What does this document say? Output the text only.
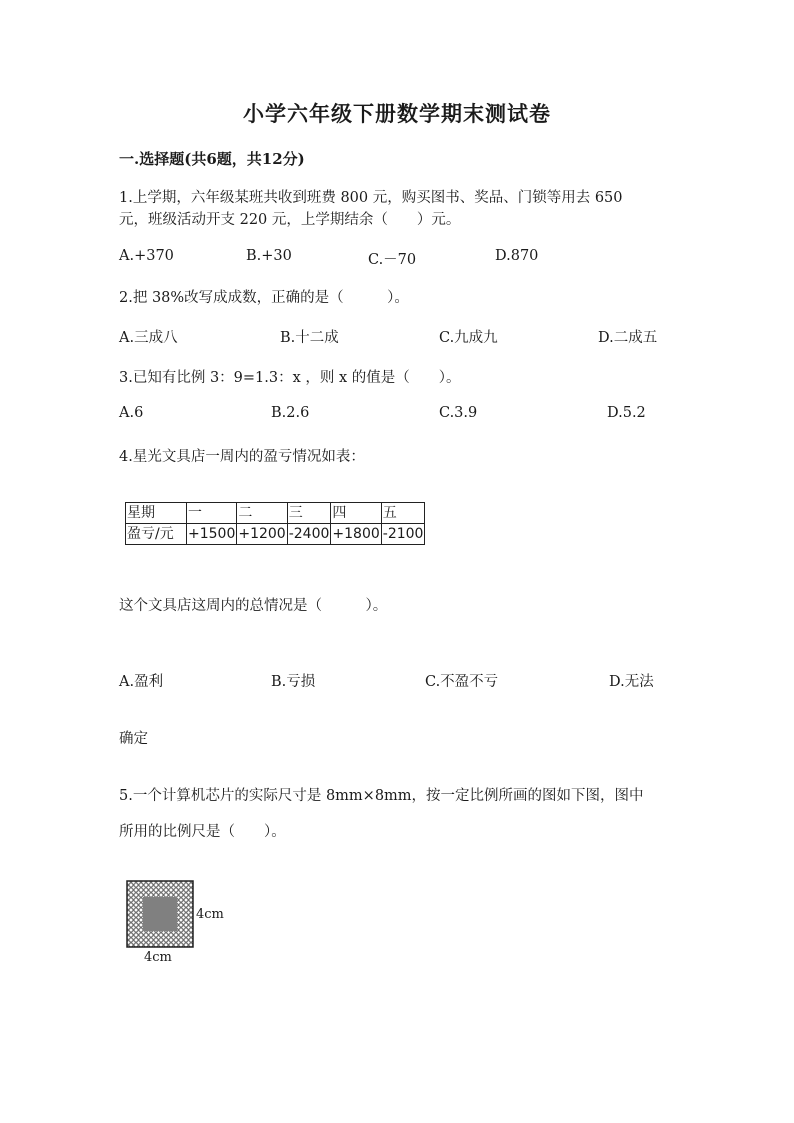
小学六年级下册数学期末测试卷
一.选择题(共6题，共12分)
1.上学期，六年级某班共收到班费 800 元，购买图书、奖品、门锁等用去 650
元，班级活动开支 220 元，上学期结余（　　）元。
A.+370	B.+30	C.－70	D.870
2.把 38%改写成成数，正确的是（　　　）。
A.三成八	B.十二成	C.九成九	D.二成五
3.已知有比例 3：9=1.3：x ，则 x 的值是（　　）。
A.6	B.2.6	C.3.9	D.5.2
4.星光文具店一周内的盈亏情况如表：
星期	一	二	三	四	五
盈亏/元	+1500	+1200	-2400	+1800	-2100
这个文具店这周内的总情况是（　　　）。
A.盈利	B.亏损	C.不盈不亏	D.无法
确定
5.一个计算机芯片的实际尺寸是 8mm×8mm，按一定比例所画的图如下图，图中
所用的比例尺是（　　）。
4cm
4cm
